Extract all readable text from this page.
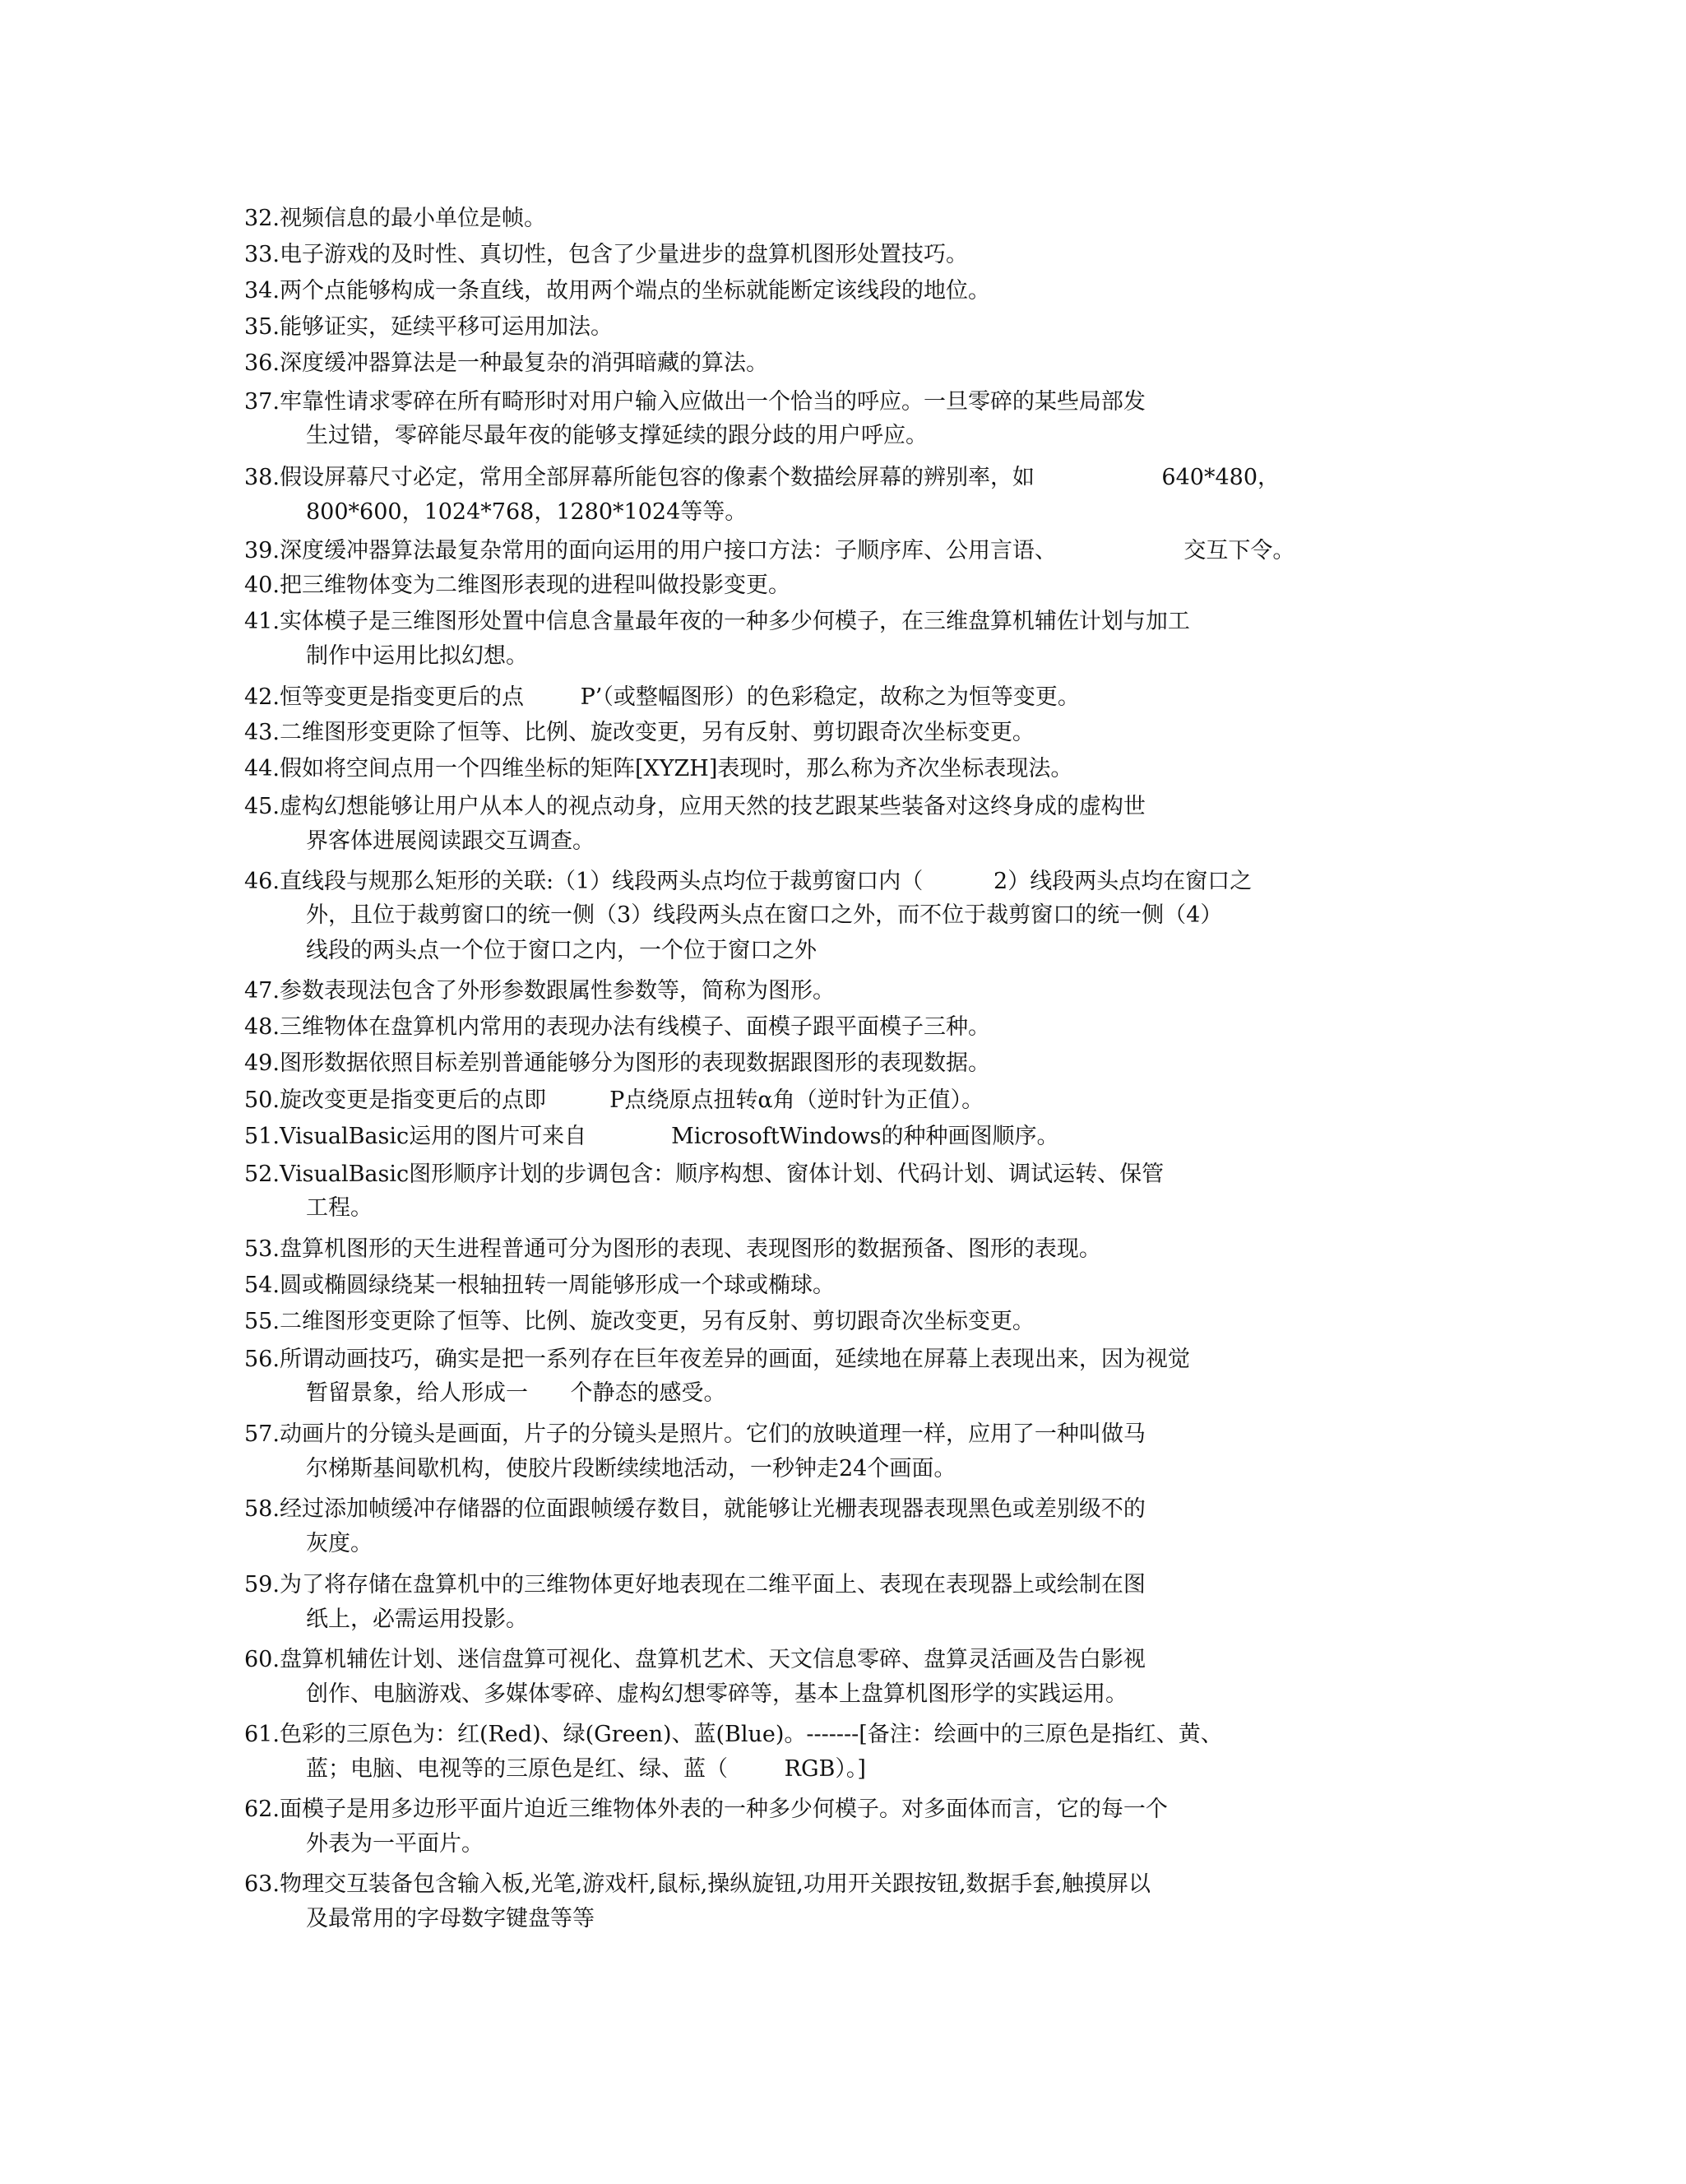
32.视频信息的最小单位是帧。
33.电子游戏的及时性、真切性，包含了少量进步的盘算机图形处置技巧。
34.两个点能够构成一条直线，故用两个端点的坐标就能断定该线段的地位。
35.能够证实，延续平移可运用加法。
36.深度缓冲器算法是一种最复杂的消弭暗藏的算法。
37.牢靠性请求零碎在所有畸形时对用户输入应做出一个恰当的呼应。一旦零碎的某些局部发
生过错，零碎能尽最年夜的能够支撑延续的跟分歧的用户呼应。
38.假设屏幕尺寸必定，常用全部屏幕所能包容的像素个数描绘屏幕的辨别率，如                  640*480，
800*600，1024*768，1280*1024等等。
39.深度缓冲器算法最复杂常用的面向运用的用户接口方法：子顺序库、公用言语、                  交互下令。
40.把三维物体变为二维图形表现的进程叫做投影变更。
41.实体模子是三维图形处置中信息含量最年夜的一种多少何模子，在三维盘算机辅佐计划与加工
制作中运用比拟幻想。
42.恒等变更是指变更后的点        P’（或整幅图形）的色彩稳定，故称之为恒等变更。
43.二维图形变更除了恒等、比例、旋改变更，另有反射、剪切跟奇次坐标变更。
44.假如将空间点用一个四维坐标的矩阵[XYZH]表现时，那么称为齐次坐标表现法。
45.虚构幻想能够让用户从本人的视点动身，应用天然的技艺跟某些装备对这终身成的虚构世
界客体进展阅读跟交互调查。
46.直线段与规那么矩形的关联:（1）线段两头点均位于裁剪窗口内（          2）线段两头点均在窗口之
外，且位于裁剪窗口的统一侧（3）线段两头点在窗口之外，而不位于裁剪窗口的统一侧（4）
线段的两头点一个位于窗口之内，一个位于窗口之外
47.参数表现法包含了外形参数跟属性参数等，简称为图形。
48.三维物体在盘算机内常用的表现办法有线模子、面模子跟平面模子三种。
49.图形数据依照目标差别普通能够分为图形的表现数据跟图形的表现数据。
50.旋改变更是指变更后的点即         P点绕原点扭转α角（逆时针为正值）。
51.VisualBasic运用的图片可来自            MicrosoftWindows的种种画图顺序。
52.VisualBasic图形顺序计划的步调包含：顺序构想、窗体计划、代码计划、调试运转、保管
工程。
53.盘算机图形的天生进程普通可分为图形的表现、表现图形的数据预备、图形的表现。
54.圆或椭圆绿绕某一根轴扭转一周能够形成一个球或椭球。
55.二维图形变更除了恒等、比例、旋改变更，另有反射、剪切跟奇次坐标变更。
56.所谓动画技巧，确实是把一系列存在巨年夜差异的画面，延续地在屏幕上表现出来，因为视觉
暂留景象，给人形成一      个静态的感受。
57.动画片的分镜头是画面，片子的分镜头是照片。它们的放映道理一样，应用了一种叫做马
尔梯斯基间歇机构，使胶片段断续续地活动，一秒钟走24个画面。
58.经过添加帧缓冲存储器的位面跟帧缓存数目，就能够让光栅表现器表现黑色或差别级不的
灰度。
59.为了将存储在盘算机中的三维物体更好地表现在二维平面上、表现在表现器上或绘制在图
纸上，必需运用投影。
60.盘算机辅佐计划、迷信盘算可视化、盘算机艺术、天文信息零碎、盘算灵活画及告白影视
创作、电脑游戏、多媒体零碎、虚构幻想零碎等，基本上盘算机图形学的实践运用。
61.色彩的三原色为：红(Red)、绿(Green)、蓝(Blue)。-------[备注：绘画中的三原色是指红、黄、
蓝；电脑、电视等的三原色是红、绿、蓝（        RGB）。]
62.面模子是用多边形平面片迫近三维物体外表的一种多少何模子。对多面体而言，它的每一个
外表为一平面片。
63.物理交互装备包含输入板,光笔,游戏杆,鼠标,操纵旋钮,功用开关跟按钮,数据手套,触摸屏以
及最常用的字母数字键盘等等
